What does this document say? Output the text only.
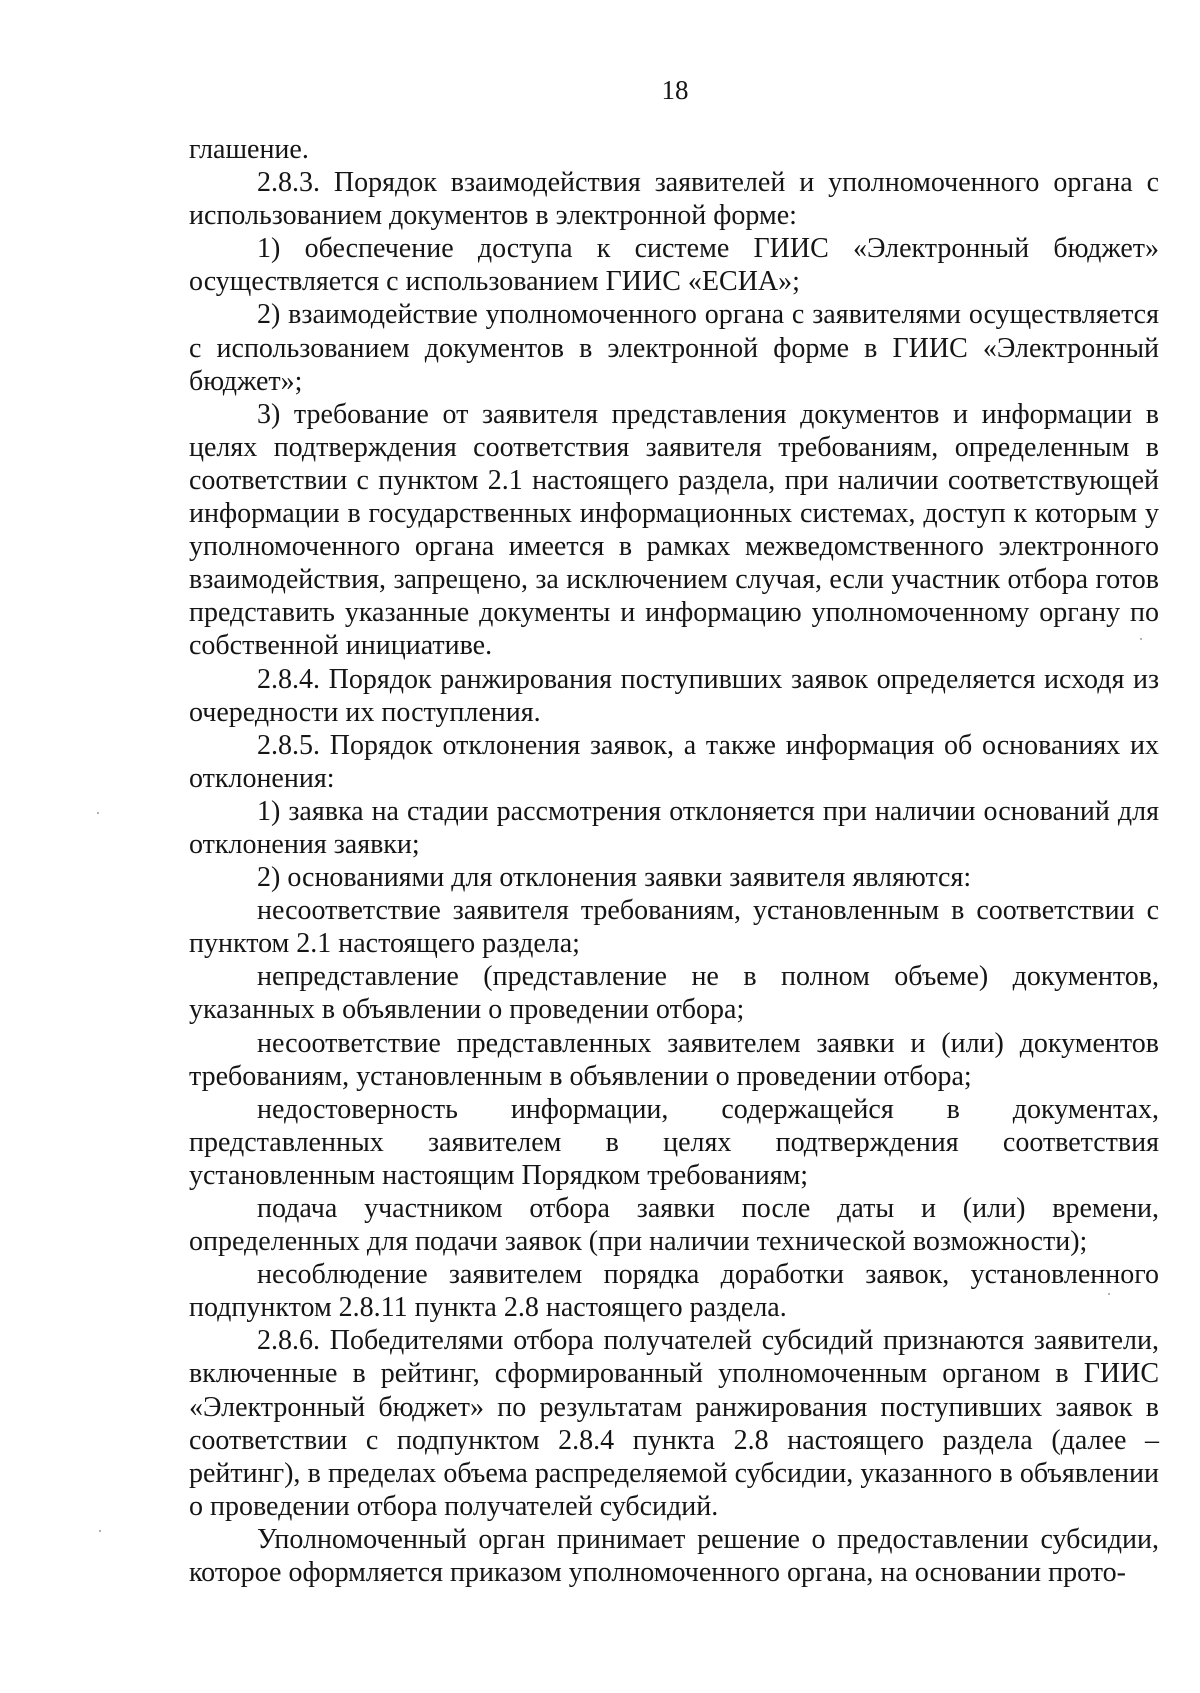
18

глашение.

2.8.3. Порядок взаимодействия заявителей и уполномоченного органа с использованием документов в электронной форме:

1) обеспечение доступа к системе ГИИС «Электронный бюджет» осуществляется с использованием ГИИС «ЕСИА»;

2) взаимодействие уполномоченного органа с заявителями осуществляется с использованием документов в электронной форме в ГИИС «Электронный бюджет»;

3) требование от заявителя представления документов и информации в целях подтверждения соответствия заявителя требованиям, определенным в соответствии с пунктом 2.1 настоящего раздела, при наличии соответствующей информации в государственных информационных системах, доступ к которым у уполномоченного органа имеется в рамках межведомственного электронного взаимодействия, запрещено, за исключением случая, если участник отбора готов представить указанные документы и информацию уполномоченному органу по собственной инициативе.

2.8.4. Порядок ранжирования поступивших заявок определяется исходя из очередности их поступления.

2.8.5. Порядок отклонения заявок, а также информация об основаниях их отклонения:

1) заявка на стадии рассмотрения отклоняется при наличии оснований для отклонения заявки;

2) основаниями для отклонения заявки заявителя являются:

несоответствие заявителя требованиям, установленным в соответствии с пунктом 2.1 настоящего раздела;

непредставление (представление не в полном объеме) документов, указанных в объявлении о проведении отбора;

несоответствие представленных заявителем заявки и (или) документов требованиям, установленным в объявлении о проведении отбора;

недостоверность информации, содержащейся в документах, представленных заявителем в целях подтверждения соответствия установленным настоящим Порядком требованиям;

подача участником отбора заявки после даты и (или) времени, определенных для подачи заявок (при наличии технической возможности);

несоблюдение заявителем порядка доработки заявок, установленного подпунктом 2.8.11 пункта 2.8 настоящего раздела.

2.8.6. Победителями отбора получателей субсидий признаются заявители, включенные в рейтинг, сформированный уполномоченным органом в ГИИС «Электронный бюджет» по результатам ранжирования поступивших заявок в соответствии с подпунктом 2.8.4 пункта 2.8 настоящего раздела (далее – рейтинг), в пределах объема распределяемой субсидии, указанного в объявлении о проведении отбора получателей субсидий.

Уполномоченный орган принимает решение о предоставлении субсидии, которое оформляется приказом уполномоченного органа, на основании прото-
